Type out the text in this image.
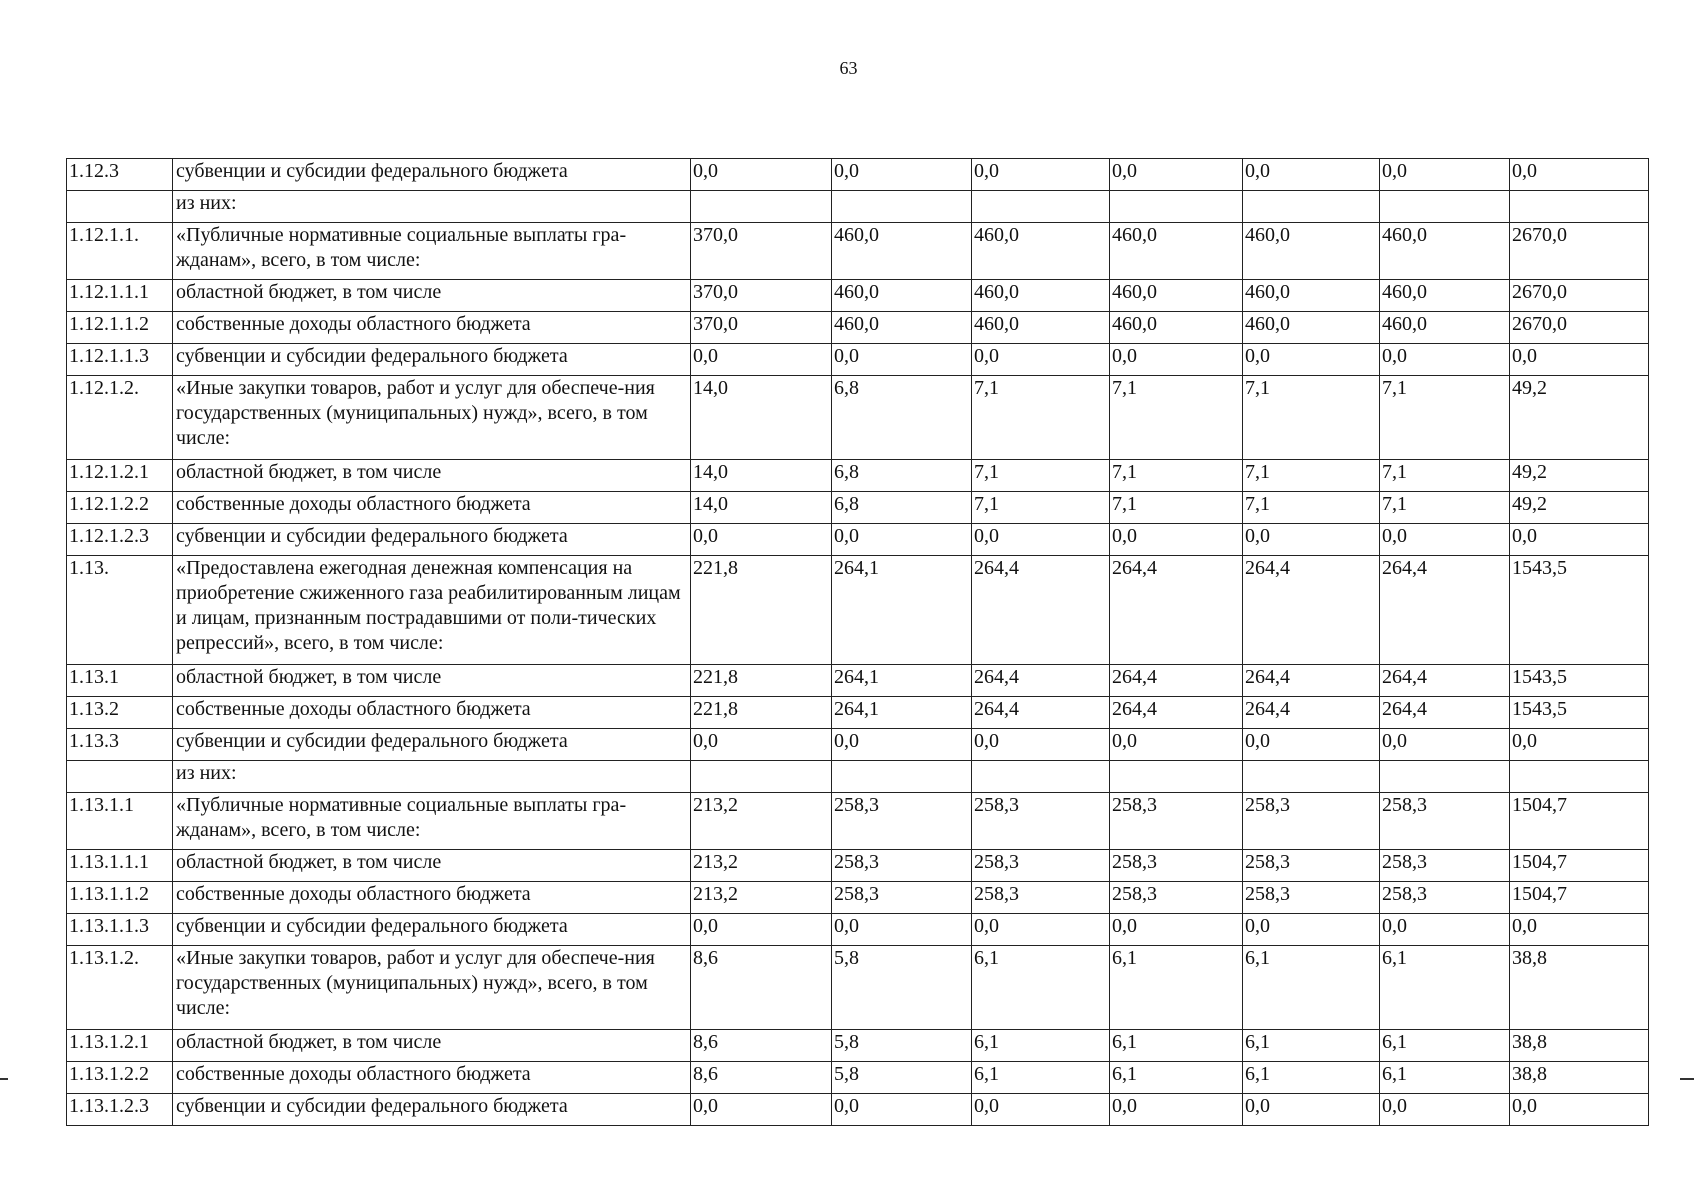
63
1.12.3	субвенции и субсидии федерального бюджета	0,0	0,0	0,0	0,0	0,0	0,0	0,0
	из них:							
1.12.1.1.	«Публичные нормативные социальные выплаты гра-жданам», всего, в том числе:	370,0	460,0	460,0	460,0	460,0	460,0	2670,0
1.12.1.1.1	областной бюджет, в том числе	370,0	460,0	460,0	460,0	460,0	460,0	2670,0
1.12.1.1.2	собственные доходы областного бюджета	370,0	460,0	460,0	460,0	460,0	460,0	2670,0
1.12.1.1.3	субвенции и субсидии федерального бюджета	0,0	0,0	0,0	0,0	0,0	0,0	0,0
1.12.1.2.	«Иные закупки товаров, работ и услуг для обеспече-ния государственных (муниципальных) нужд», всего, в том числе:	14,0	6,8	7,1	7,1	7,1	7,1	49,2
1.12.1.2.1	областной бюджет, в том числе	14,0	6,8	7,1	7,1	7,1	7,1	49,2
1.12.1.2.2	собственные доходы областного бюджета	14,0	6,8	7,1	7,1	7,1	7,1	49,2
1.12.1.2.3	субвенции и субсидии федерального бюджета	0,0	0,0	0,0	0,0	0,0	0,0	0,0
1.13.	«Предоставлена ежегодная денежная компенсация на приобретение сжиженного газа реабилитированным лицам и лицам, признанным пострадавшими от поли-тических репрессий», всего, в том числе:	221,8	264,1	264,4	264,4	264,4	264,4	1543,5
1.13.1	областной бюджет, в том числе	221,8	264,1	264,4	264,4	264,4	264,4	1543,5
1.13.2	собственные доходы областного бюджета	221,8	264,1	264,4	264,4	264,4	264,4	1543,5
1.13.3	субвенции и субсидии федерального бюджета	0,0	0,0	0,0	0,0	0,0	0,0	0,0
	из них:							
1.13.1.1	«Публичные нормативные социальные выплаты гра-жданам», всего, в том числе:	213,2	258,3	258,3	258,3	258,3	258,3	1504,7
1.13.1.1.1	областной бюджет, в том числе	213,2	258,3	258,3	258,3	258,3	258,3	1504,7
1.13.1.1.2	собственные доходы областного бюджета	213,2	258,3	258,3	258,3	258,3	258,3	1504,7
1.13.1.1.3	субвенции и субсидии федерального бюджета	0,0	0,0	0,0	0,0	0,0	0,0	0,0
1.13.1.2.	«Иные закупки товаров, работ и услуг для обеспече-ния государственных (муниципальных) нужд», всего, в том числе:	8,6	5,8	6,1	6,1	6,1	6,1	38,8
1.13.1.2.1	областной бюджет, в том числе	8,6	5,8	6,1	6,1	6,1	6,1	38,8
1.13.1.2.2	собственные доходы областного бюджета	8,6	5,8	6,1	6,1	6,1	6,1	38,8
1.13.1.2.3	субвенции и субсидии федерального бюджета	0,0	0,0	0,0	0,0	0,0	0,0	0,0
